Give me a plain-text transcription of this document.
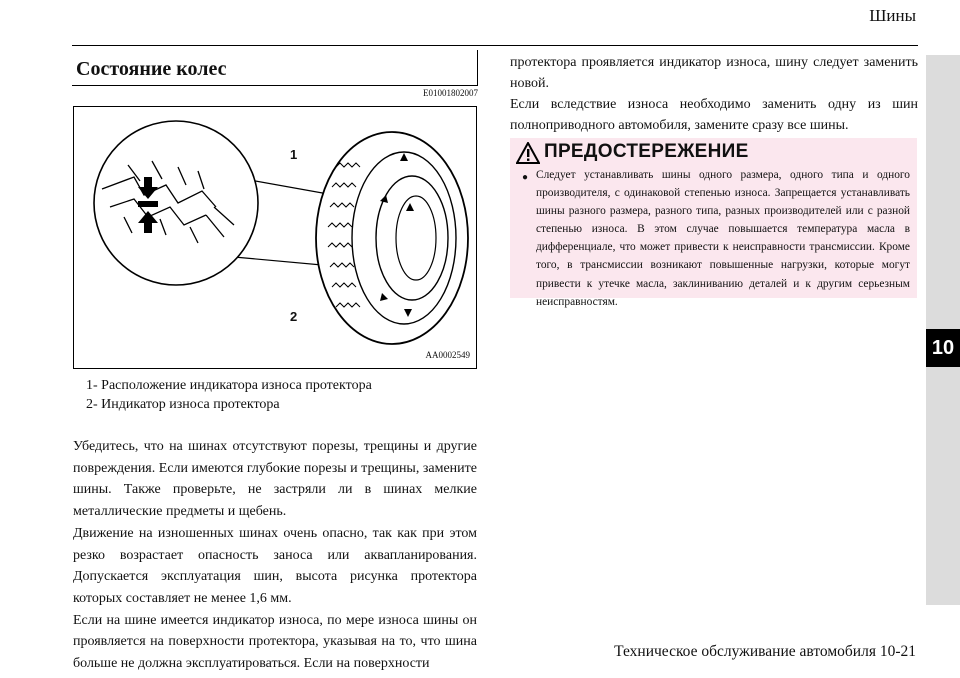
Шины
10
Состояние колес
E01001802007
1
2
AA0002549
1- Расположение индикатора износа протектора
2- Индикатор износа протектора

Убедитесь, что на шинах отсутствуют порезы, трещины и другие повреждения. Если имеются глубокие порезы и трещины, замените шины. Также проверьте, не застряли ли в шинах мелкие металлические предметы и щебень.

Движение на изношенных шинах очень опасно, так как при этом резко возрастает опасность заноса или аквапланирования. Допускается эксплуатация шин, высота рисунка протектора которых составляет не менее 1,6 мм.

Если на шине имеется индикатор износа, по мере износа шины он проявляется на поверхности протектора, указывая на то, что шина больше не должна эксплуатироваться. Если на поверхности

протектора проявляется индикатор износа, шину следует заменить новой.

Если вследствие износа необходимо заменить одну из шин полноприводного автомобиля, замените сразу все шины.

ПРЕДОСТЕРЕЖЕНИЕ
● Следует устанавливать шины одного размера, одного типа и одного производителя, с одинаковой степенью износа. Запрещается устанавливать шины разного размера, разного типа, разных производителей или с разной степенью износа. В этом случае повышается температура масла в дифференциале, что может привести к неисправности трансмиссии. Кроме того, в трансмиссии возникают повышенные нагрузки, которые могут привести к утечке масла, заклиниванию деталей и к другим серьезным неисправностям.
Техническое обслуживание автомобиля 10-21
